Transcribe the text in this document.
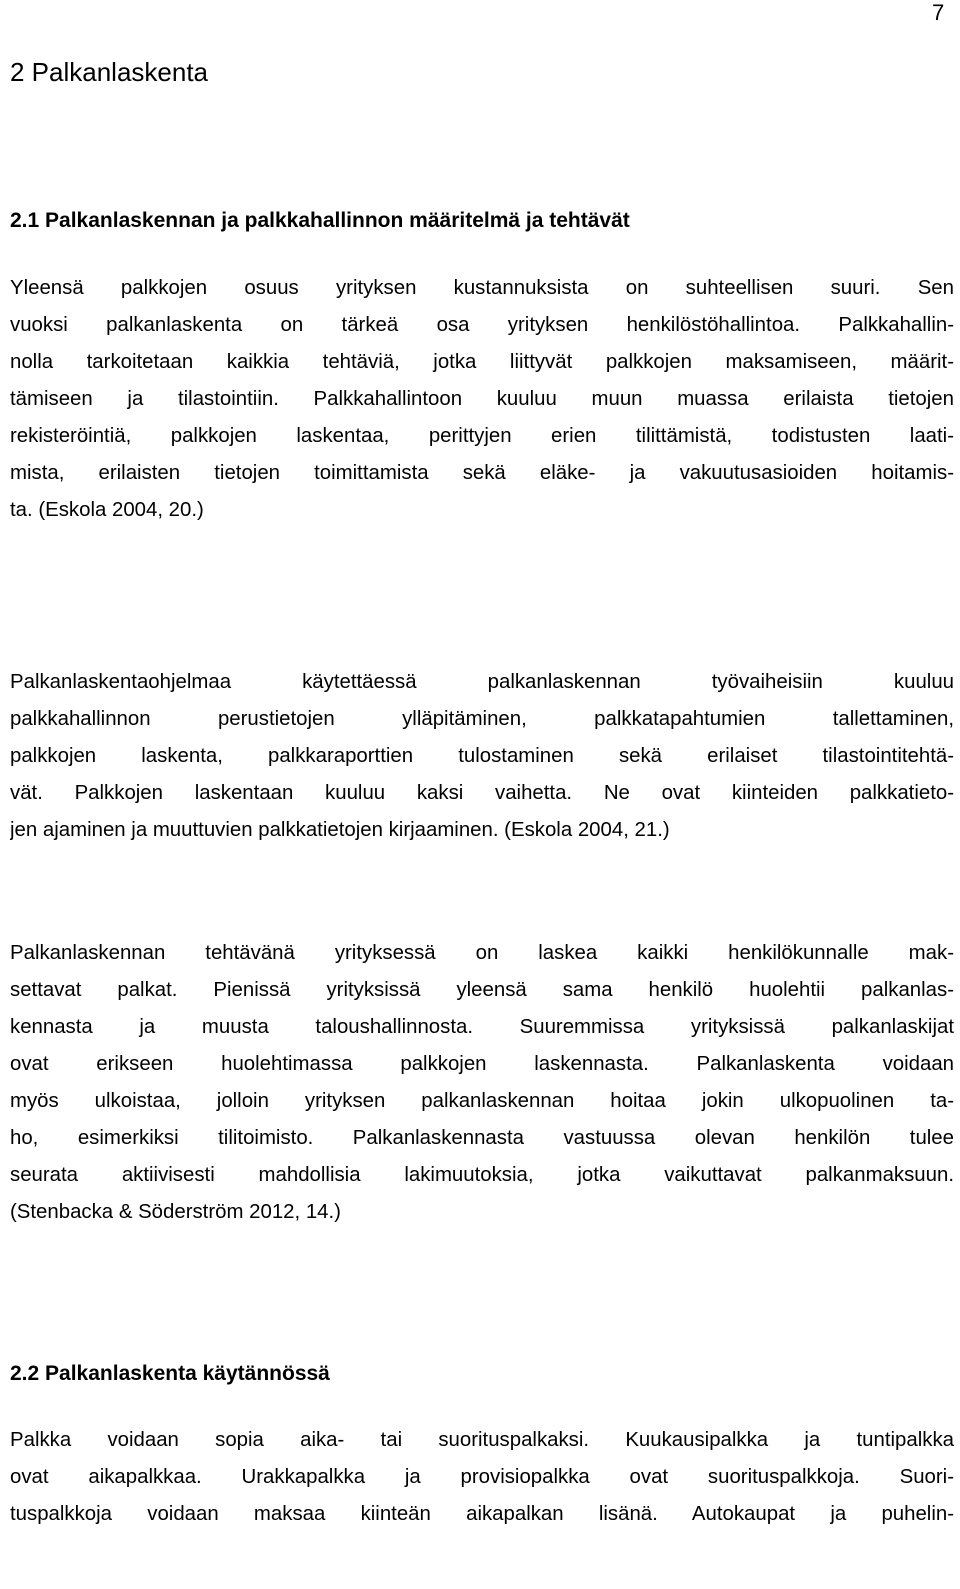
7
2 Palkanlaskenta
2.1 Palkanlaskennan ja palkkahallinnon määritelmä ja tehtävät
Yleensä palkkojen osuus yrityksen kustannuksista on suhteellisen suuri. Sen
vuoksi palkanlaskenta on tärkeä osa yrityksen henkilöstöhallintoa. Palkkahallin-
nolla tarkoitetaan kaikkia tehtäviä, jotka liittyvät palkkojen maksamiseen, määrit-
tämiseen ja tilastointiin. Palkkahallintoon kuuluu muun muassa erilaista tietojen
rekisteröintiä, palkkojen laskentaa, perittyjen erien tilittämistä, todistusten laati-
mista, erilaisten tietojen toimittamista sekä eläke- ja vakuutusasioiden hoitamis-
ta. (Eskola 2004, 20.)
Palkanlaskentaohjelmaa käytettäessä palkanlaskennan työvaiheisiin kuuluu
palkkahallinnon perustietojen ylläpitäminen, palkkatapahtumien tallettaminen,
palkkojen laskenta, palkkaraporttien tulostaminen sekä erilaiset tilastointitehtä-
vät. Palkkojen laskentaan kuuluu kaksi vaihetta. Ne ovat kiinteiden palkkatieto-
jen ajaminen ja muuttuvien palkkatietojen kirjaaminen. (Eskola 2004, 21.)
Palkanlaskennan tehtävänä yrityksessä on laskea kaikki henkilökunnalle mak-
settavat palkat. Pienissä yrityksissä yleensä sama henkilö huolehtii palkanlas-
kennasta ja muusta taloushallinnosta. Suuremmissa yrityksissä palkanlaskijat
ovat erikseen huolehtimassa palkkojen laskennasta. Palkanlaskenta voidaan
myös ulkoistaa, jolloin yrityksen palkanlaskennan hoitaa jokin ulkopuolinen ta-
ho, esimerkiksi tilitoimisto. Palkanlaskennasta vastuussa olevan henkilön tulee
seurata aktiivisesti mahdollisia lakimuutoksia, jotka vaikuttavat palkanmaksuun.
(Stenbacka & Söderström 2012, 14.)
2.2 Palkanlaskenta käytännössä
Palkka voidaan sopia aika- tai suorituspalkaksi. Kuukausipalkka ja tuntipalkka
ovat aikapalkkaa. Urakkapalkka ja provisiopalkka ovat suorituspalkkoja. Suori-
tuspalkkoja voidaan maksaa kiinteän aikapalkan lisänä. Autokaupat ja puhelin-
